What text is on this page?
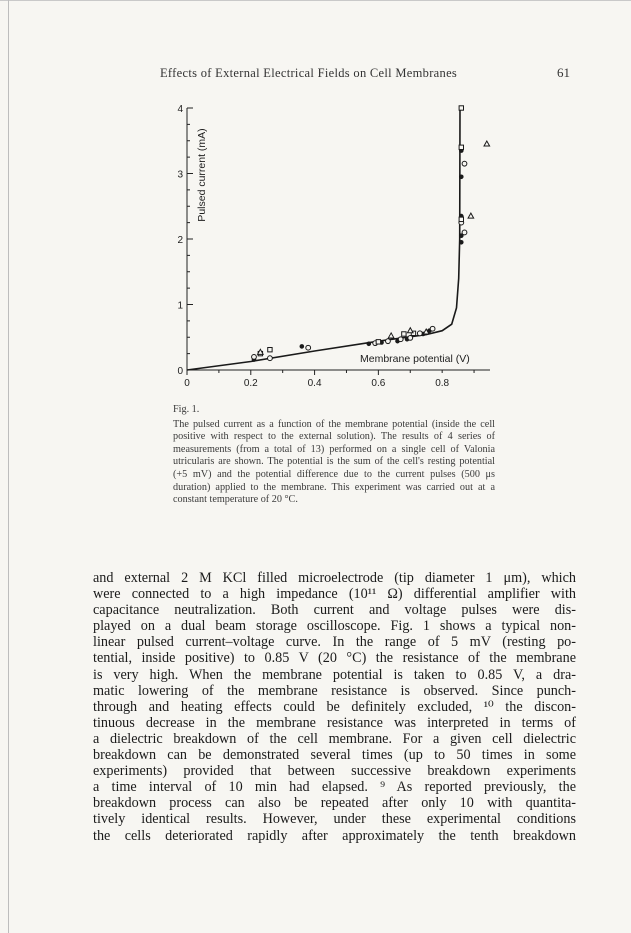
Effects of External Electrical Fields on Cell Membranes	61
0	0.2	0.4	0.6	0.8
0
1
2
3
4
Membrane potential (V)
Pulsed current (mA)
Fig. 1.
The pulsed current as a function of the membrane potential (inside the cell positive with respect to the external solution). The results of 4 series of measurements (from a total of 13) performed on a single cell of Valonia utricularis are shown. The potential is the sum of the cell's resting potential (+5 mV) and the potential difference due to the current pulses (500 μs duration) applied to the membrane. This experiment was carried out at a constant temperature of 20 °C.
and external 2 M KCl filled microelectrode (tip diameter 1 μm), which
were connected to a high impedance (10¹¹ Ω) differential amplifier with
capacitance neutralization. Both current and voltage pulses were dis-
played on a dual beam storage oscilloscope. Fig. 1 shows a typical non-
linear pulsed current–voltage curve. In the range of 5 mV (resting po-
tential, inside positive) to 0.85 V (20 °C) the resistance of the membrane
is very high. When the membrane potential is taken to 0.85 V, a dra-
matic lowering of the membrane resistance is observed. Since punch-
through and heating effects could be definitely excluded, ¹⁰ the discon-
tinuous decrease in the membrane resistance was interpreted in terms of
a dielectric breakdown of the cell membrane. For a given cell dielectric
breakdown can be demonstrated several times (up to 50 times in some
experiments) provided that between successive breakdown experiments
a time interval of 10 min had elapsed. ⁹ As reported previously, the
breakdown process can also be repeated after only 10 with quantita-
tively identical results. However, under these experimental conditions
the cells deteriorated rapidly after approximately the tenth breakdown
